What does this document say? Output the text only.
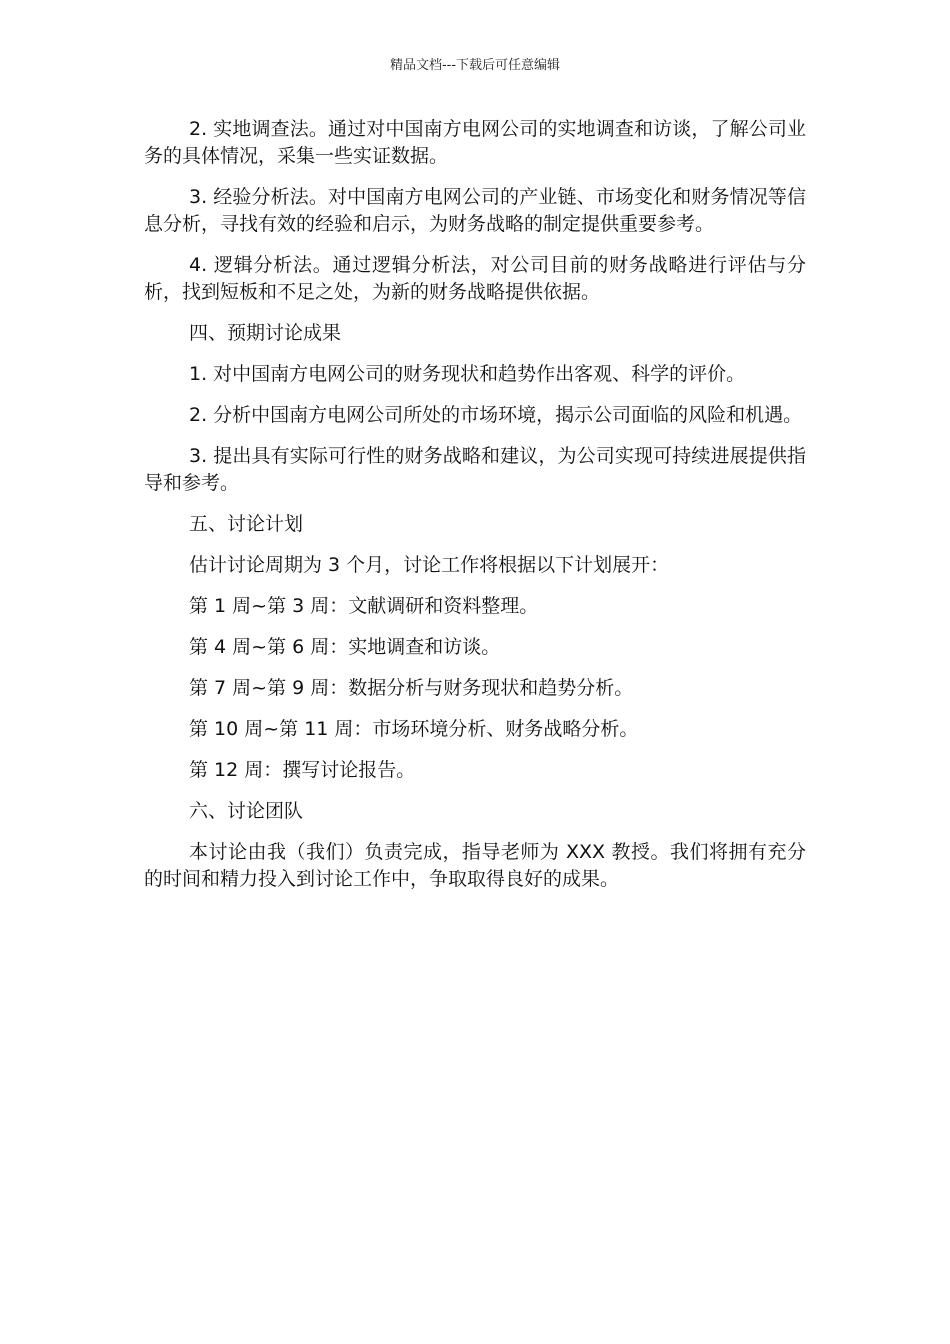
精品文档---下载后可任意编辑

2. 实地调查法。通过对中国南方电网公司的实地调查和访谈，了解公司业务的具体情况，采集一些实证数据。

3. 经验分析法。对中国南方电网公司的产业链、市场变化和财务情况等信息分析，寻找有效的经验和启示，为财务战略的制定提供重要参考。

4. 逻辑分析法。通过逻辑分析法，对公司目前的财务战略进行评估与分析，找到短板和不足之处，为新的财务战略提供依据。

四、预期讨论成果

1. 对中国南方电网公司的财务现状和趋势作出客观、科学的评价。

2. 分析中国南方电网公司所处的市场环境，揭示公司面临的风险和机遇。

3. 提出具有实际可行性的财务战略和建议，为公司实现可持续进展提供指导和参考。

五、讨论计划

估计讨论周期为 3 个月，讨论工作将根据以下计划展开：

第 1 周~第 3 周：文献调研和资料整理。

第 4 周~第 6 周：实地调查和访谈。

第 7 周~第 9 周：数据分析与财务现状和趋势分析。

第 10 周~第 11 周：市场环境分析、财务战略分析。

第 12 周：撰写讨论报告。

六、讨论团队

本讨论由我（我们）负责完成，指导老师为 XXX 教授。我们将拥有充分的时间和精力投入到讨论工作中，争取取得良好的成果。
